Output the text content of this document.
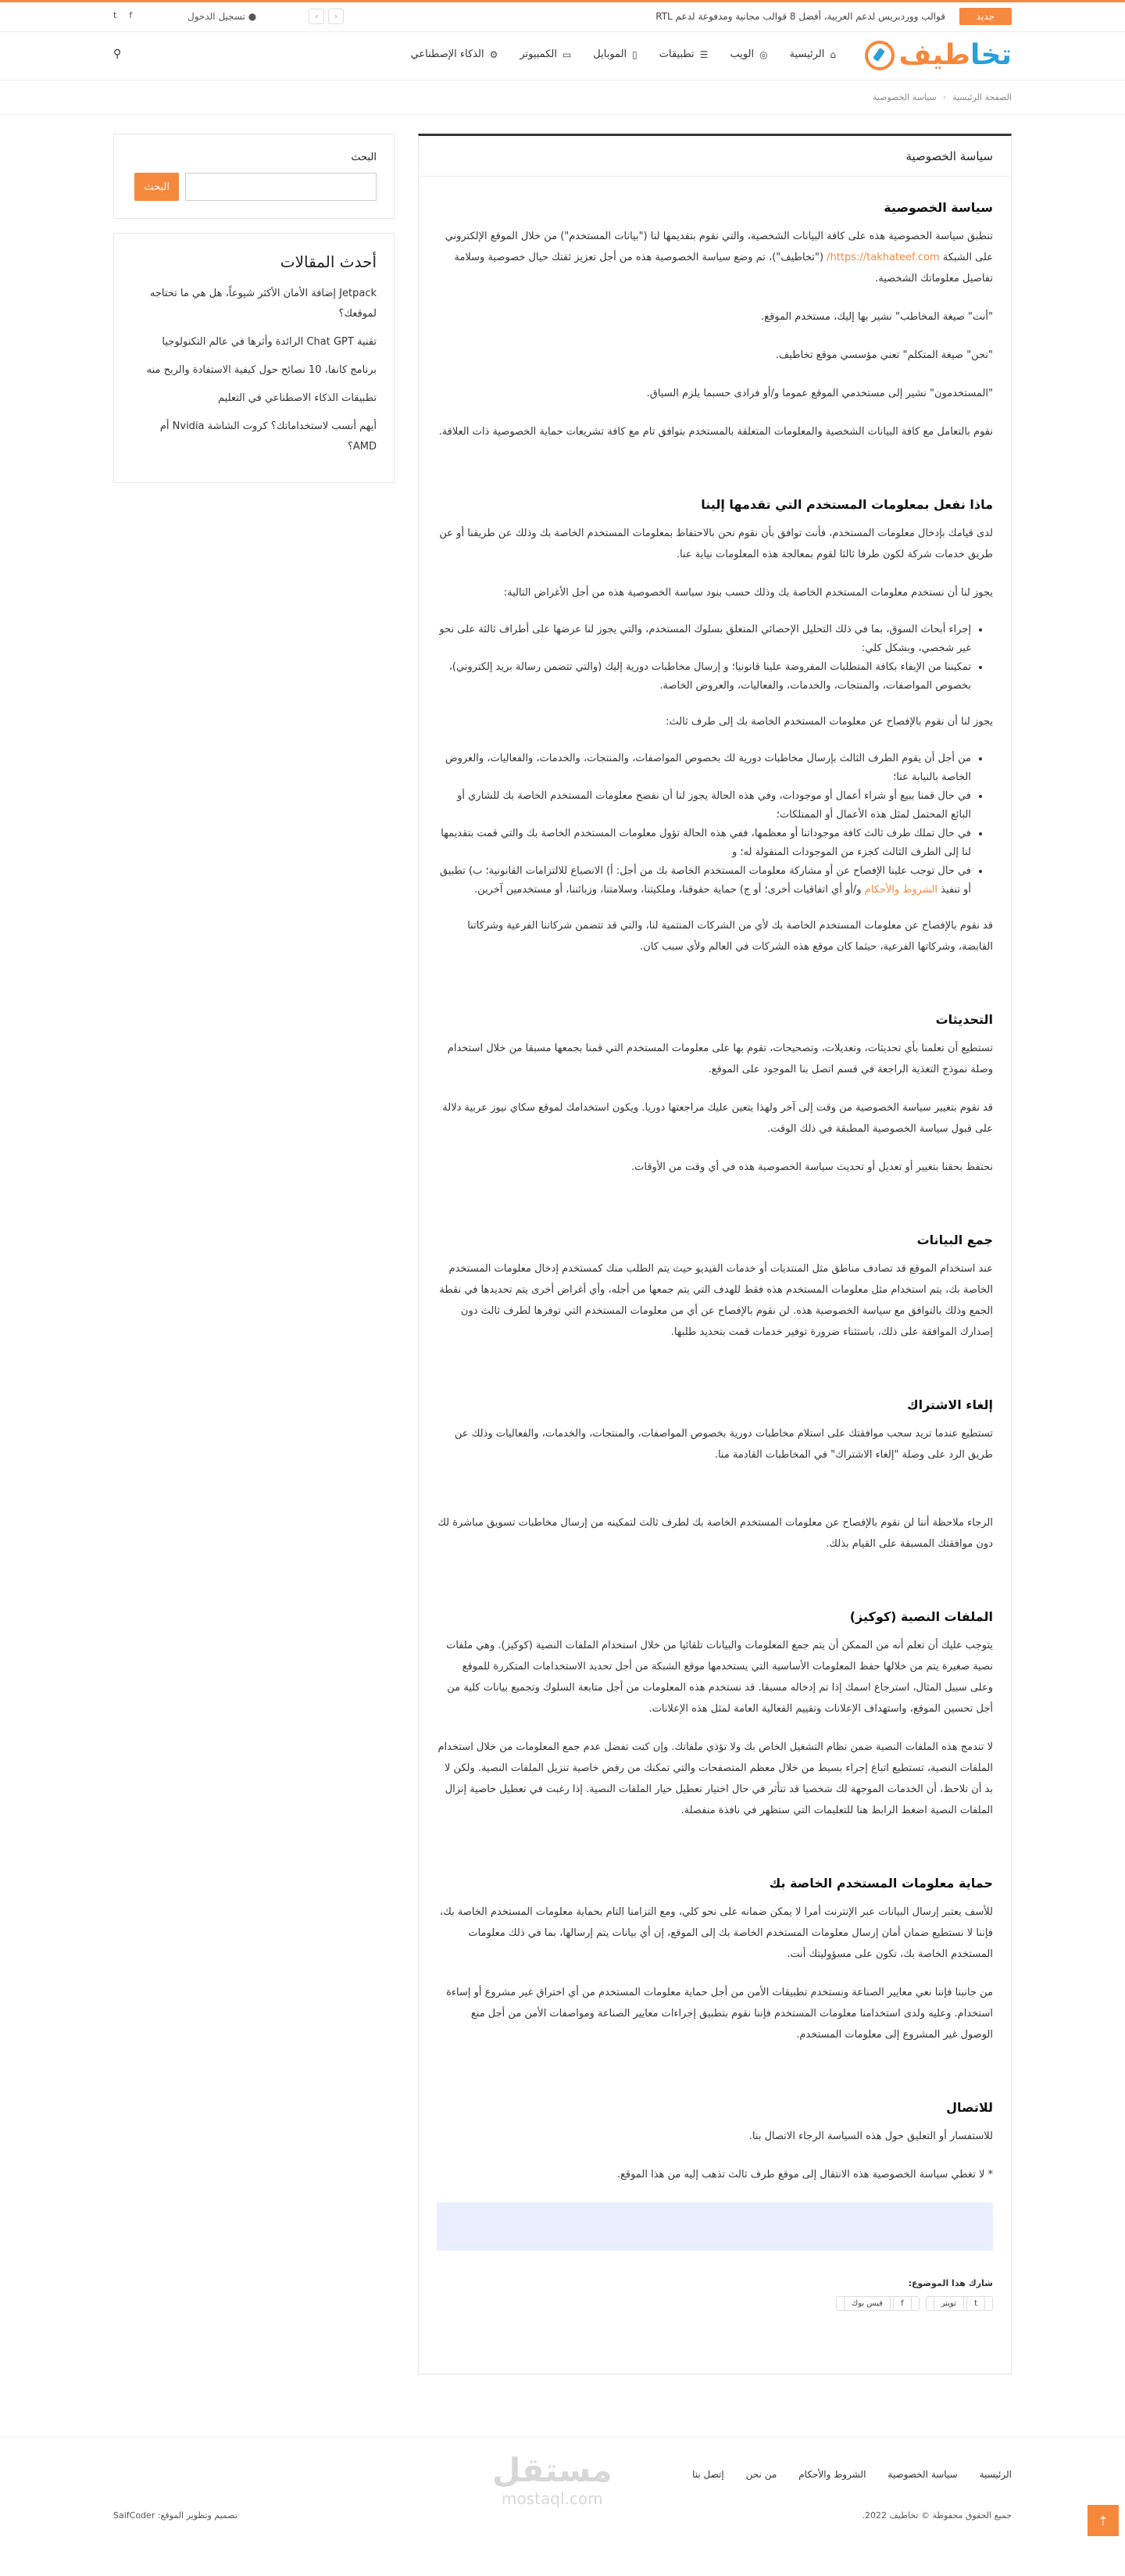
جديد
قوالب ووردبريس لدعم العربية، أفضل 8 قوالب مجانية ومدفوعة لدعم RTL
‹
›
● تسجيل الدخول
f
t
تخاطيف
⌂
الرئيسية
◎
الويب
☰
تطبيقات
▯
الموبايل
▭
الكمبيوتر
⚙
الذكاء الإصطناعي
⚲
الصفحة الرئيسية
›
سياسة الخصوصية
سياسة الخصوصية
سياسة الخصوصية

تنطبق سياسة الخصوصية هذه على كافة البيانات الشخصية، والتي نقوم بتقديمها لنا ("بيانات المستخدم") من خلال الموقع الإلكتروني على الشبكة https://takhateef.com/ ("تخاطيف")، تم وضع سياسة الخصوصية هذه من أجل تعزيز ثقتك حيال خصوصية وسلامة تفاصيل معلوماتك الشخصية.

"أنت" صيغة المخاطب" نشير بها إليك، مستخدم الموقع.

"نحن" صيغة المتكلم" تعني مؤسسي موقع تخاطيف.

"المستخدمون" نشير إلى مستخدمي الموقع عموما و/أو فرادى حسبما يلزم السياق.

نقوم بالتعامل مع كافة البيانات الشخصية والمعلومات المتعلقة بالمستخدم بتوافق تام مع كافة تشريعات حماية الخصوصية ذات العلاقة.

ماذا نفعل بمعلومات المستخدم التي تقدمها إلينا

لدى قيامك بإدخال معلومات المستخدم، فأنت توافق بأن نقوم نحن بالاحتفاظ بمعلومات المستخدم الخاصة بك وذلك عن طريقنا أو عن طريق خدمات شركة لكون طرفا ثالثا لقوم بمعالجة هذه المعلومات نيابة عنا.

يجوز لنا أن نستخدم معلومات المستخدم الخاصة بك وذلك حسب بنود سياسة الخصوصية هذه من أجل الأغراض التالية:

• إجراء أبحاث السوق، بما في ذلك التحليل الإحصائي المتعلق بسلوك المستخدم، والتي يجوز لنا عرضها على أطراف ثالثة على نحو غير شخصي، وبشكل كلي:
• تمكيننا من الإيفاء بكافة المتطلبات المفروضة علينا قانونيا؛ و إرسال مخاطبات دورية إليك (والتي تتضمن رسالة بريد إلكتروني)، بخصوص المواصفات، والمنتجات، والخدمات، والفعاليات، والعروض الخاصة.

يجوز لنا أن نقوم بالإفصاح عن معلومات المستخدم الخاصة بك إلى طرف ثالث:

• من أجل أن يقوم الطرف الثالث بإرسال مخاطبات دورية لك بخصوص المواصفات، والمنتجات، والخدمات، والفعاليات، والعروض الخاصة بالنيابة عنا؛
• في حال قمنا ببيع أو شراء أعمال أو موجودات، وفي هذه الحالة يجوز لنا أن نفصح معلومات المستخدم الخاصة بك للشاري أو البائع المحتمل لمثل هذه الأعمال أو الممتلكات؛
• في حال تملك طرف ثالث كافة موجوداتنا أو معظمها، ففي هذه الحالة تؤول معلومات المستخدم الخاصة بك والتي قمت بتقديمها لنا إلى الطرف الثالث كجزء من الموجودات المنقولة له؛ و
• في حال توجب علينا الإفصاح عن أو مشاركة معلومات المستخدم الخاصة بك من أجل: أ) الانصياع للالتزامات القانونية؛ ب) تطبيق أو تنفيذ الشروط والأحكام و/أو أي اتفاقيات أخرى؛ أو ج) حماية حقوقنا، وملكيتنا، وسلامتنا، وزبائننا، أو مستخدمين آخرين.

قد نقوم بالإفصاح عن معلومات المستخدم الخاصة بك لأي من الشركات المنتمية لنا، والتي قد تتضمن شركاتنا الفرعية وشركاتنا القابضة، وشركاتها الفرعية، حيثما كان موقع هذه الشركات في العالم ولأي سبب كان.

التحديثات

تستطيع أن تعلمنا بأي تحديثات، وتعديلات، وتصحيحات، تقوم بها على معلومات المستخدم التي قمنا بجمعها مسبقا من خلال استخدام وصلة نموذج التغذية الراجعة في قسم اتصل بنا الموجود على الموقع.

قد نقوم بتغيير سياسة الخصوصية من وقت إلى آخر ولهذا يتعين عليك مراجعتها دوريا. ويكون استخدامك لموقع سكاي نيوز عربية دلالة على قبول سياسة الخصوصية المطبقة في ذلك الوقت.

نحتفظ بحقنا بتغيير أو تعديل أو تحديث سياسة الخصوصية هذه في أي وقت من الأوقات.

جمع البيانات

عند استخدام الموقع قد تصادف مناطق مثل المنتديات أو خدمات الفيديو حيث يتم الطلب منك كمستخدم إدخال معلومات المستخدم الخاصة بك، يتم استخدام مثل معلومات المستخدم هذه فقط للهدف التي يتم جمعها من أجله، وأي أغراض أخرى يتم تحديدها في نقطة الجمع وذلك بالتوافق مع سياسة الخصوصية هذه. لن نقوم بالإفصاح عن أي من معلومات المستخدم التي توفرها لطرف ثالث دون إصدارك الموافقة على ذلك، باستثناء ضرورة توفير خدمات قمت بتحديد طلبها.

إلغاء الاشتراك

تستطيع عندما تريد سحب موافقتك على استلام مخاطبات دورية بخصوص المواصفات، والمنتجات، والخدمات، والفعاليات وذلك عن طريق الرد على وصلة "إلغاء الاشتراك" في المخاطبات القادمة منا.

الرجاء ملاحظة أننا لن نقوم بالإفصاح عن معلومات المستخدم الخاصة بك لطرف ثالث لتمكينه من إرسال مخاطبات تسويق مباشرة لك دون موافقتك المسبقة على القيام بذلك.

الملفات النصية (كوكيز)

يتوجب عليك أن تعلم أنه من الممكن أن يتم جمع المعلومات والبيانات تلقائيا من خلال استخدام الملفات النصية (كوكيز). وهي ملفات نصية صغيرة يتم من خلالها حفظ المعلومات الأساسية التي يستخدمها موقع الشبكة من أجل تحديد الاستخدامات المتكررة للموقع وعلى سبيل المثال، استرجاع اسمك إذا تم إدخاله مسبقا. قد نستخدم هذه المعلومات من أجل متابعة السلوك وتجميع بيانات كلية من أجل تحسين الموقع، واستهداف الإعلانات وتقييم الفعالية العامة لمثل هذه الإعلانات.

لا تندمج هذه الملفات النصية ضمن نظام التشغيل الخاص بك ولا تؤذي ملفاتك. وإن كنت تفضل عدم جمع المعلومات من خلال استخدام الملفات النصية، تستطيع اتباع إجراء بسيط من خلال معظم المتصفحات والتي تمكنك من رفض خاصية تنزيل الملفات النصية. ولكن لا بد أن تلاحظ، أن الخدمات الموجهة لك شخصيا قد تتأثر في حال اختيار تعطيل خيار الملفات النصية. إذا رغبت في تعطيل خاصية إنزال الملفات النصية اضغط الرابط هنا للتعليمات التي ستظهر في نافذة منفصلة.

حماية معلومات المستخدم الخاصة بك

للأسف يعتبر إرسال البيانات عبر الإنترنت أمرا لا يمكن ضمانه على نحو كلي، ومع التزامنا التام بحماية معلومات المستخدم الخاصة بك، فإننا لا نستطيع ضمان أمان إرسال معلومات المستخدم الخاصة بك إلى الموقع، إن أي بيانات يتم إرسالها، بما في ذلك معلومات المستخدم الخاصة بك، تكون على مسؤوليتك أنت.

من جانبنا فإننا نعي معايير الصناعة ونستخدم تطبيقات الأمن من أجل حماية معلومات المستخدم من أي اختراق غير مشروع أو إساءة استخدام. وعليه ولدى استخدامنا معلومات المستخدم فإننا نقوم بتطبيق إجراءات معايير الصناعة ومواصفات الأمن من أجل منع الوصول غير المشروع إلى معلومات المستخدم.

للاتصال

للاستفسار أو التعليق حول هذه السياسة الرجاء الاتصال بنا.

* لا تغطي سياسة الخصوصية هذه الانتقال إلى موقع طرف ثالث تذهب إليه من هذا الموقع.

شارك هذا الموضوع:
t تويتر
f فيس بوك
البحث
البحث
أحدث المقالات
Jetpack إضافة الأمان الأكثر شيوعاً، هل هي ما تحتاجه لموقعك؟
تقنية Chat GPT الرائدة وأثرها في عالم التكنولوجيا
برنامج كانفا، 10 نصائح حول كيفية الاستفادة والربح منه
تطبيقات الذكاء الاصطناعي في التعليم
أيهم أنسب لاستخداماتك؟ كروت الشاشة Nvidia أم AMD؟
مستقل
mostaql.com
الرئيسية
سياسة الخصوصية
الشروط والأحكام
من نحن
إتصل بنا
جميع الحقوق محفوظة © تخاطيف 2022.
تصميم وتطوير الموقع: SaifCoder	⇡
